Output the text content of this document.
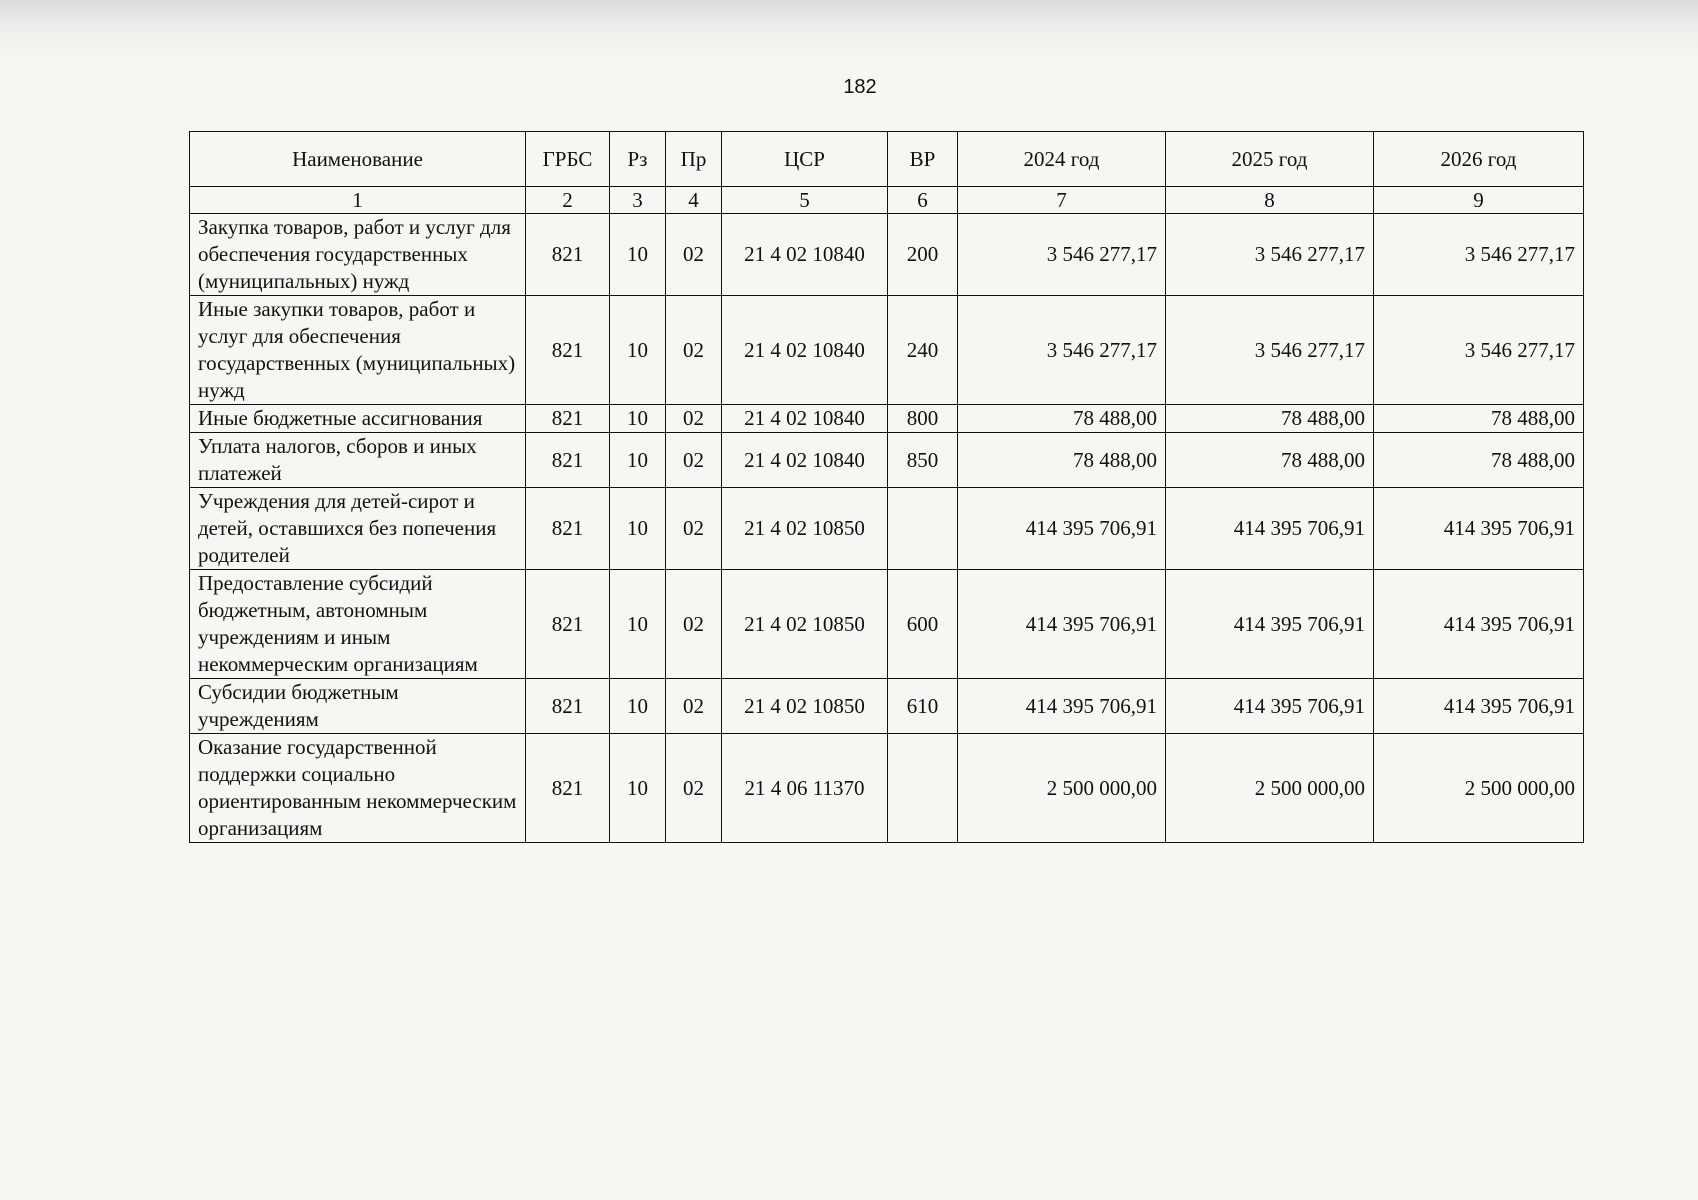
182
Наименование	ГРБС	Рз	Пр	ЦСР	ВР	2024 год	2025 год	2026 год
1	2	3	4	5	6	7	8	9
Закупка товаров, работ и услуг для обеспечения государственных (муниципальных) нужд	821	10	02	21 4 02 10840	200	3 546 277,17	3 546 277,17	3 546 277,17
Иные закупки товаров, работ и услуг для обеспечения государственных (муниципальных) нужд	821	10	02	21 4 02 10840	240	3 546 277,17	3 546 277,17	3 546 277,17
Иные бюджетные ассигнования	821	10	02	21 4 02 10840	800	78 488,00	78 488,00	78 488,00
Уплата налогов, сборов и иных платежей	821	10	02	21 4 02 10840	850	78 488,00	78 488,00	78 488,00
Учреждения для детей-сирот и детей, оставшихся без попечения родителей	821	10	02	21 4 02 10850		414 395 706,91	414 395 706,91	414 395 706,91
Предоставление субсидий бюджетным, автономным учреждениям и иным некоммерческим организациям	821	10	02	21 4 02 10850	600	414 395 706,91	414 395 706,91	414 395 706,91
Субсидии бюджетным учреждениям	821	10	02	21 4 02 10850	610	414 395 706,91	414 395 706,91	414 395 706,91
Оказание государственной поддержки социально ориентированным некоммерческим организациям	821	10	02	21 4 06 11370		2 500 000,00	2 500 000,00	2 500 000,00
